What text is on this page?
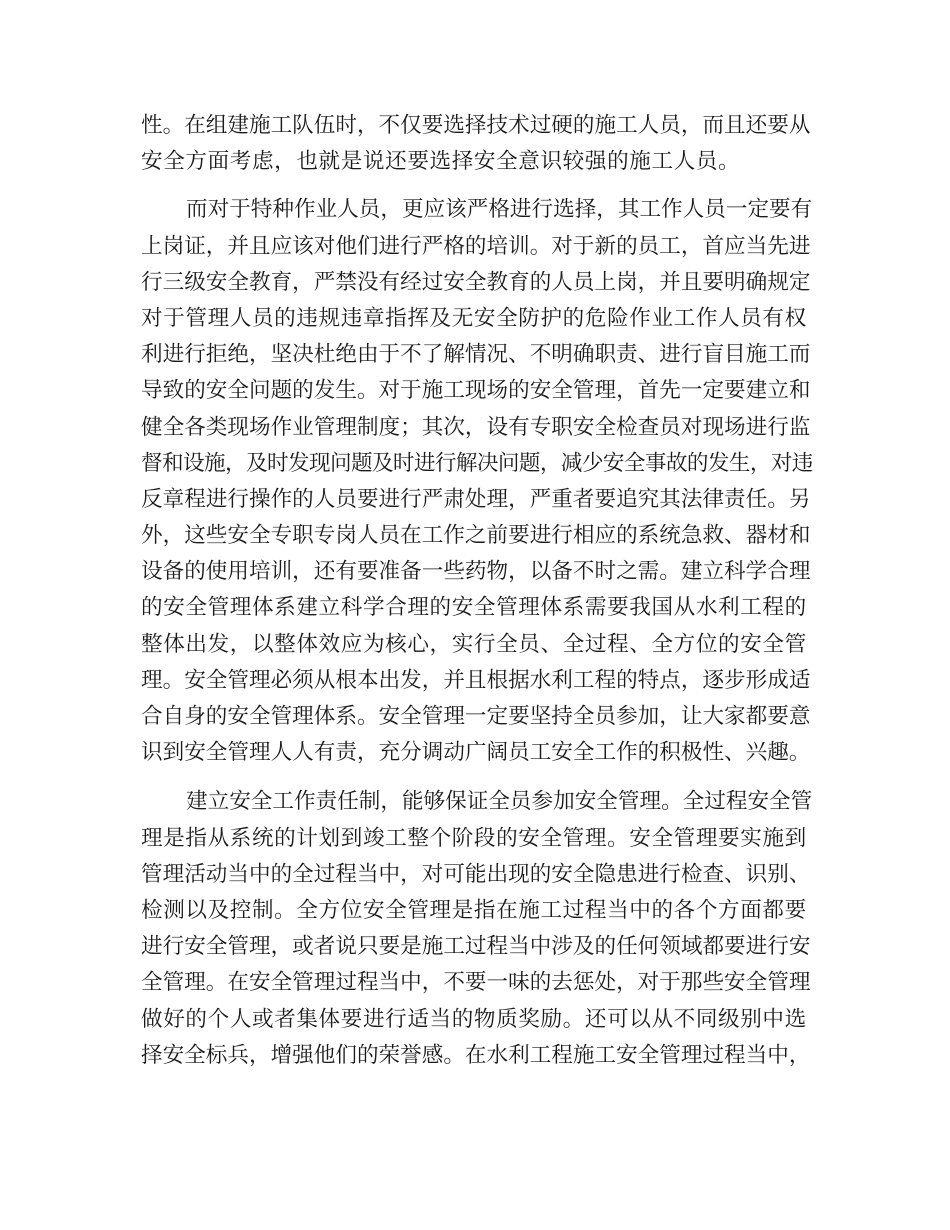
性。在组建施工队伍时，不仅要选择技术过硬的施工人员，而且还要从
安全方面考虑，也就是说还要选择安全意识较强的施工人员。
而对于特种作业人员，更应该严格进行选择，其工作人员一定要有
上岗证，并且应该对他们进行严格的培训。对于新的员工，首应当先进
行三级安全教育，严禁没有经过安全教育的人员上岗，并且要明确规定
对于管理人员的违规违章指挥及无安全防护的危险作业工作人员有权
利进行拒绝，坚决杜绝由于不了解情况、不明确职责、进行盲目施工而
导致的安全问题的发生。对于施工现场的安全管理，首先一定要建立和
健全各类现场作业管理制度；其次，设有专职安全检查员对现场进行监
督和设施，及时发现问题及时进行解决问题，减少安全事故的发生，对违
反章程进行操作的人员要进行严肃处理，严重者要追究其法律责任。另
外，这些安全专职专岗人员在工作之前要进行相应的系统急救、器材和
设备的使用培训，还有要准备一些药物，以备不时之需。建立科学合理
的安全管理体系建立科学合理的安全管理体系需要我国从水利工程的
整体出发，以整体效应为核心，实行全员、全过程、全方位的安全管
理。安全管理必须从根本出发，并且根据水利工程的特点，逐步形成适
合自身的安全管理体系。安全管理一定要坚持全员参加，让大家都要意
识到安全管理人人有责，充分调动广阔员工安全工作的积极性、兴趣。
建立安全工作责任制，能够保证全员参加安全管理。全过程安全管
理是指从系统的计划到竣工整个阶段的安全管理。安全管理要实施到
管理活动当中的全过程当中，对可能出现的安全隐患进行检查、识别、
检测以及控制。全方位安全管理是指在施工过程当中的各个方面都要
进行安全管理，或者说只要是施工过程当中涉及的任何领域都要进行安
全管理。在安全管理过程当中，不要一味的去惩处，对于那些安全管理
做好的个人或者集体要进行适当的物质奖励。还可以从不同级别中选
择安全标兵，增强他们的荣誉感。在水利工程施工安全管理过程当中，
